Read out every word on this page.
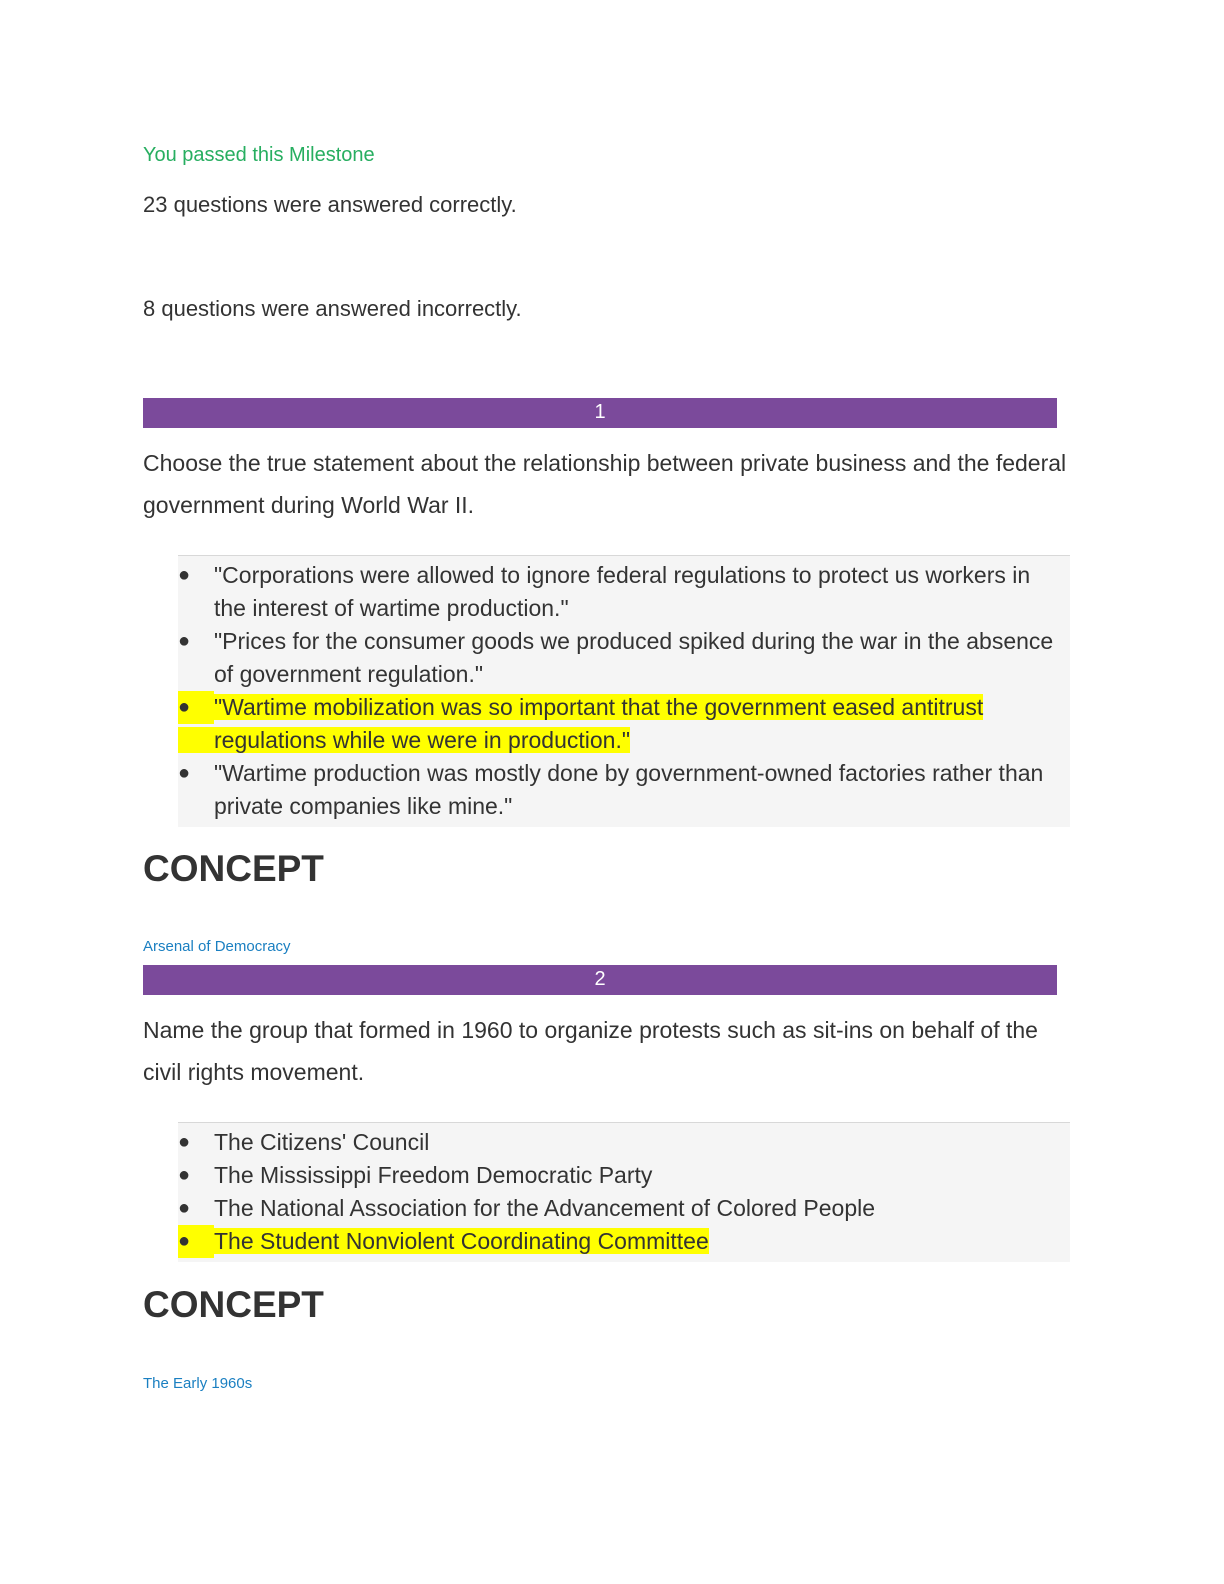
You passed this Milestone
23 questions were answered correctly.
8 questions were answered incorrectly.
1
Choose the true statement about the relationship between private business and the federal government during World War II.
●	"Corporations were allowed to ignore federal regulations to protect us workers in the interest of wartime production."
●	"Prices for the consumer goods we produced spiked during the war in the absence of government regulation."
●	"Wartime mobilization was so important that the government eased antitrust regulations while we were in production."
●	"Wartime production was mostly done by government-owned factories rather than private companies like mine."
CONCEPT
Arsenal of Democracy
2
Name the group that formed in 1960 to organize protests such as sit-ins on behalf of the civil rights movement.
●	The Citizens' Council
●	The Mississippi Freedom Democratic Party
●	The National Association for the Advancement of Colored People
●	The Student Nonviolent Coordinating Committee
CONCEPT
The Early 1960s
